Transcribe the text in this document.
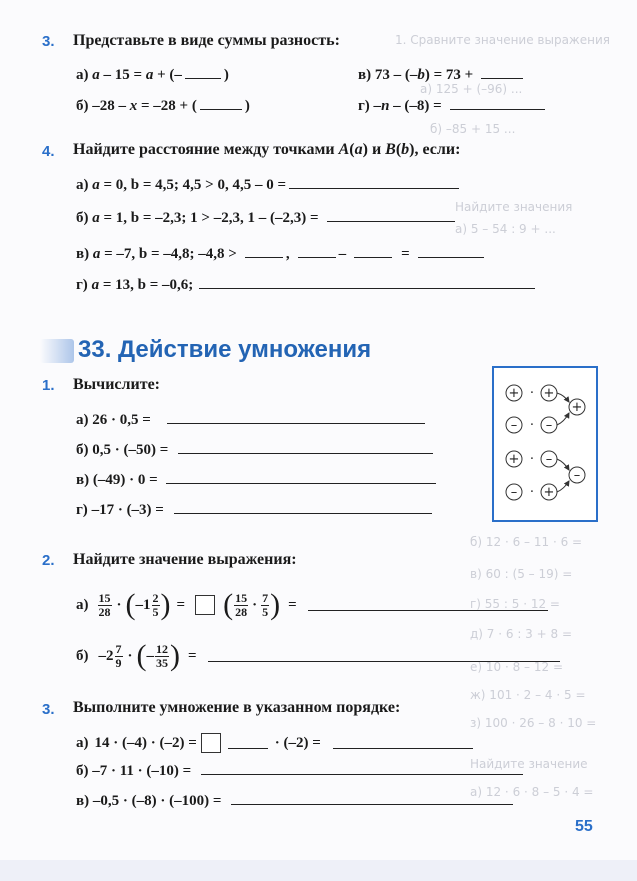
1. Сравните значение выражения
a) 125 + (–96) ...
б) –85 + 15 ...
Найдите значения
a) 5 – 54 : 9 + ...
б) 12 · 6 – 11 · 6 =
в) 60 : (5 – 19) =
г) 55 : 5 · 12 =
д) 7 · 6 : 3 + 8 =
е) 10 · 8 – 12 =
ж) 101 · 2 – 4 · 5 =
з) 100 · 26 – 8 · 10 =
Найдите значение
a) 12 · 6 · 8 – 5 · 4 =
3. Представьте в виде суммы разность:
а) a – 15 = a + (–	)
б) –28 – x = –28 + (	)
в) 73 – (–b) = 73 +
г) –n – (–8) =
4. Найдите расстояние между точками A(a) и B(b), если:
а) a = 0, b = 4,5; 4,5 > 0, 4,5 – 0 =
б) a = 1, b = –2,3; 1 > –2,3, 1 – (–2,3) =
в) a = –7, b = –4,8; –4,8 >	,	–	=
г) a = 13, b = –0,6;
33. Действие умножения
1. Вычислите:
а) 26 · 0,5 =
б) 0,5 · (–50) =
в) (–49) · 0 =
г) –17 · (–3) =
+ · +
– · –
+
+ · –
– · +
–
2. Найдите значение выражения:
$а) \frac{15}{28}$ · ( $-1 \frac{2}{5}$ ) = ( $\frac{15}{28} \cdot \frac{7}{5}$ ) =
б) $-2 \frac{7}{9}$ · ( – $\frac{12}{35}$ ) =
3. Выполните умножение в указанном порядке:
а) 14 · (–4) · (–2) =	· (–2) =
б) –7 · 11 · (–10) =
в) –0,5 · (–8) · (–100) =
55
